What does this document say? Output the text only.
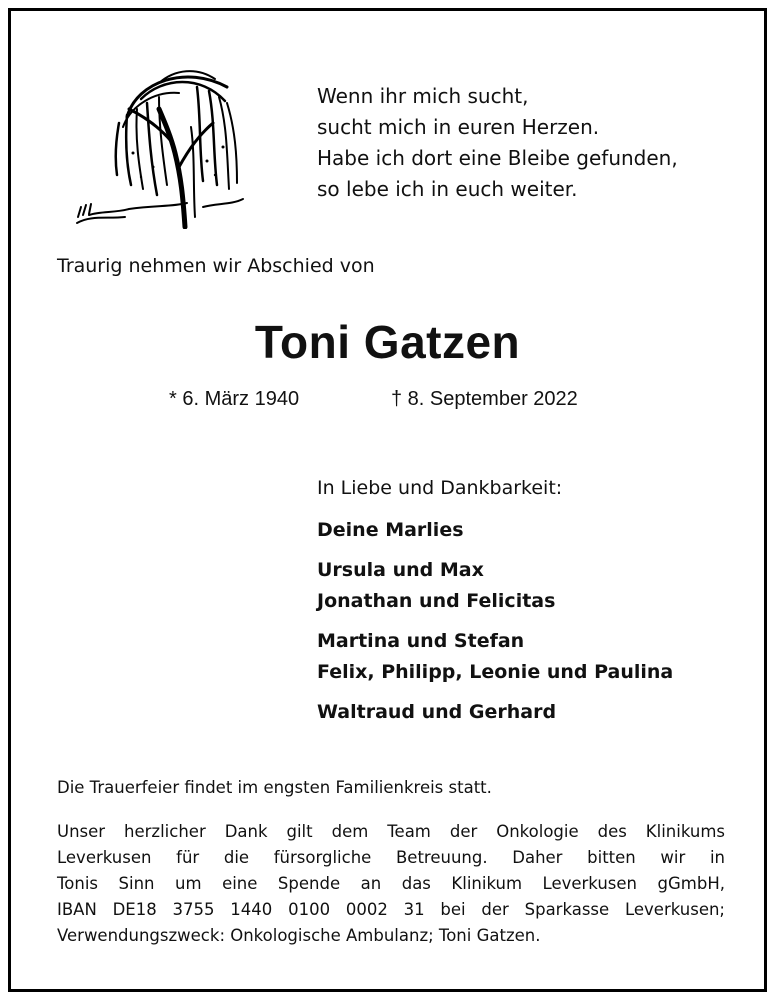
Wenn ihr mich sucht,
sucht mich in euren Herzen.
Habe ich dort eine Bleibe gefunden,
so lebe ich in euch weiter.
Traurig nehmen wir Abschied von
Toni Gatzen
* 6. März 1940	† 8. September 2022
In Liebe und Dankbarkeit:
Deine Marlies
Ursula und Max
Jonathan und Felicitas
Martina und Stefan
Felix, Philipp, Leonie und Paulina
Waltraud und Gerhard
Die Trauerfeier findet im engsten Familienkreis statt.
Unser herzlicher Dank gilt dem Team der Onkologie des Klinikums
Leverkusen für die fürsorgliche Betreuung. Daher bitten wir in
Tonis Sinn um eine Spende an das Klinikum Leverkusen gGmbH,
IBAN DE18 3755 1440 0100 0002 31 bei der Sparkasse Leverkusen;
Verwendungszweck: Onkologische Ambulanz; Toni Gatzen.
